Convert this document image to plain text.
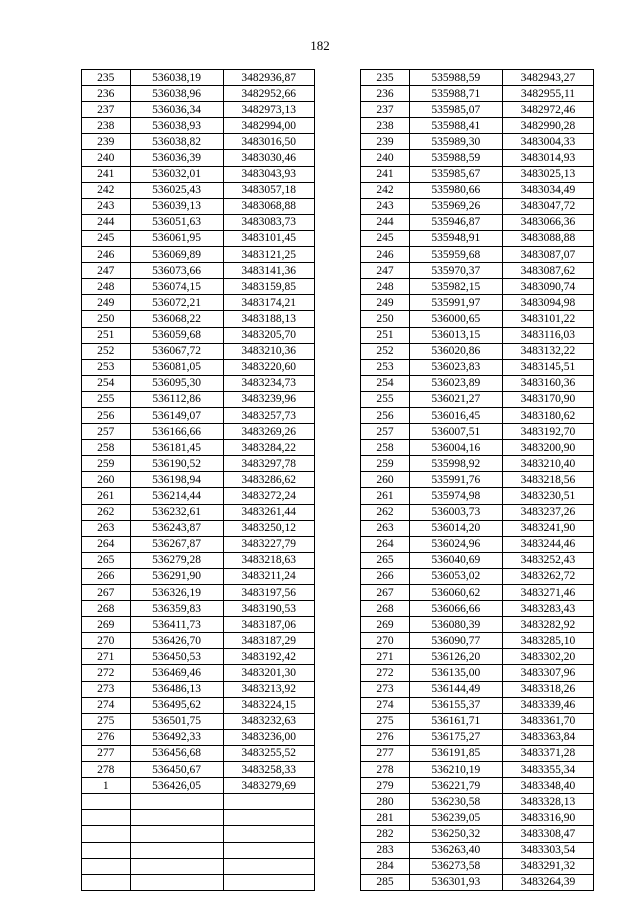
182
235	536038,19	3482936,87		235	535988,59	3482943,27
236	536038,96	3482952,66		236	535988,71	3482955,11
237	536036,34	3482973,13		237	535985,07	3482972,46
238	536038,93	3482994,00		238	535988,41	3482990,28
239	536038,82	3483016,50		239	535989,30	3483004,33
240	536036,39	3483030,46		240	535988,59	3483014,93
241	536032,01	3483043,93		241	535985,67	3483025,13
242	536025,43	3483057,18		242	535980,66	3483034,49
243	536039,13	3483068,88		243	535969,26	3483047,72
244	536051,63	3483083,73		244	535946,87	3483066,36
245	536061,95	3483101,45		245	535948,91	3483088,88
246	536069,89	3483121,25		246	535959,68	3483087,07
247	536073,66	3483141,36		247	535970,37	3483087,62
248	536074,15	3483159,85		248	535982,15	3483090,74
249	536072,21	3483174,21		249	535991,97	3483094,98
250	536068,22	3483188,13		250	536000,65	3483101,22
251	536059,68	3483205,70		251	536013,15	3483116,03
252	536067,72	3483210,36		252	536020,86	3483132,22
253	536081,05	3483220,60		253	536023,83	3483145,51
254	536095,30	3483234,73		254	536023,89	3483160,36
255	536112,86	3483239,96		255	536021,27	3483170,90
256	536149,07	3483257,73		256	536016,45	3483180,62
257	536166,66	3483269,26		257	536007,51	3483192,70
258	536181,45	3483284,22		258	536004,16	3483200,90
259	536190,52	3483297,78		259	535998,92	3483210,40
260	536198,94	3483286,62		260	535991,76	3483218,56
261	536214,44	3483272,24		261	535974,98	3483230,51
262	536232,61	3483261,44		262	536003,73	3483237,26
263	536243,87	3483250,12		263	536014,20	3483241,90
264	536267,87	3483227,79		264	536024,96	3483244,46
265	536279,28	3483218,63		265	536040,69	3483252,43
266	536291,90	3483211,24		266	536053,02	3483262,72
267	536326,19	3483197,56		267	536060,62	3483271,46
268	536359,83	3483190,53		268	536066,66	3483283,43
269	536411,73	3483187,06		269	536080,39	3483282,92
270	536426,70	3483187,29		270	536090,77	3483285,10
271	536450,53	3483192,42		271	536126,20	3483302,20
272	536469,46	3483201,30		272	536135,00	3483307,96
273	536486,13	3483213,92		273	536144,49	3483318,26
274	536495,62	3483224,15		274	536155,37	3483339,46
275	536501,75	3483232,63		275	536161,71	3483361,70
276	536492,33	3483236,00		276	536175,27	3483363,84
277	536456,68	3483255,52		277	536191,85	3483371,28
278	536450,67	3483258,33		278	536210,19	3483355,34
1	536426,05	3483279,69		279	536221,79	3483348,40
				280	536230,58	3483328,13
				281	536239,05	3483316,90
				282	536250,32	3483308,47
				283	536263,40	3483303,54
				284	536273,58	3483291,32
				285	536301,93	3483264,39
